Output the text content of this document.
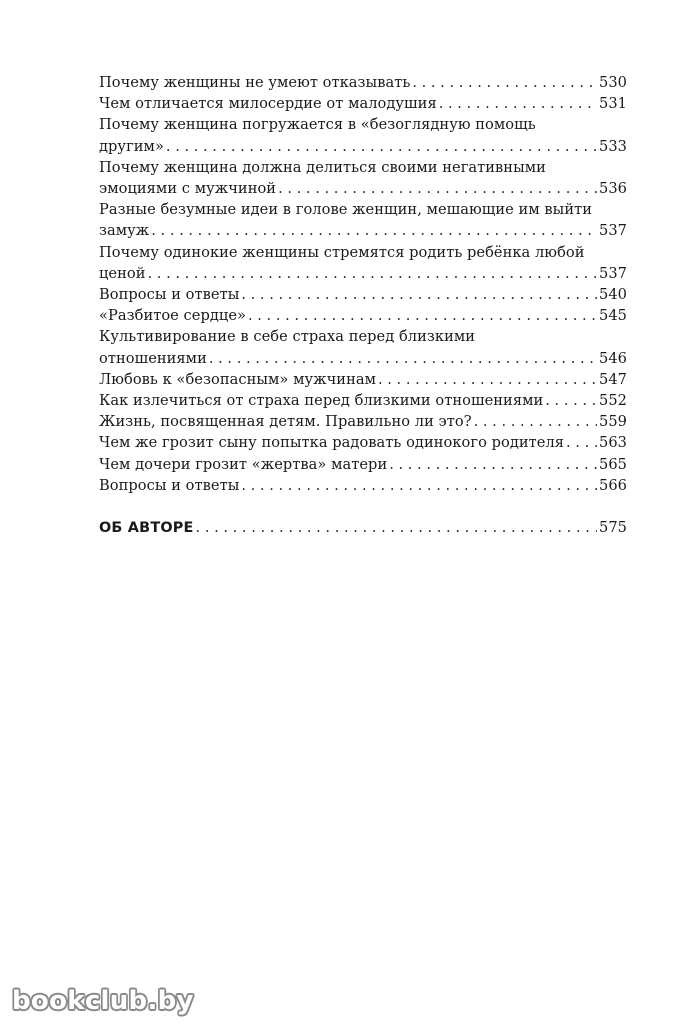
Почему женщины не умеют отказывать . . .	530
Чем отличается милосердие от малодушия . . .	531
Почему женщина погружается в «безоглядную помощь
другим» . . .	533
Почему женщина должна делиться своими негативными
эмоциями с мужчиной . . .	536
Разные безумные идеи в голове женщин, мешающие им выйти
замуж . . .	537
Почему одинокие женщины стремятся родить ребёнка любой
ценой . . .	537
Вопросы и ответы . . .	540
«Разбитое сердце» . . .	545
Культивирование в себе страха перед близкими
отношениями . . .	546
Любовь к «безопасным» мужчинам . . .	547
Как излечиться от страха перед близкими отношениями . . .	552
Жизнь, посвященная детям. Правильно ли это? . . .	559
Чем же грозит сыну попытка радовать одинокого родителя . . . 563
Чем дочери грозит «жертва» матери . . .	565
Вопросы и ответы . . .	566
ОБ АВТОРЕ . . .	575
bookclub.by
